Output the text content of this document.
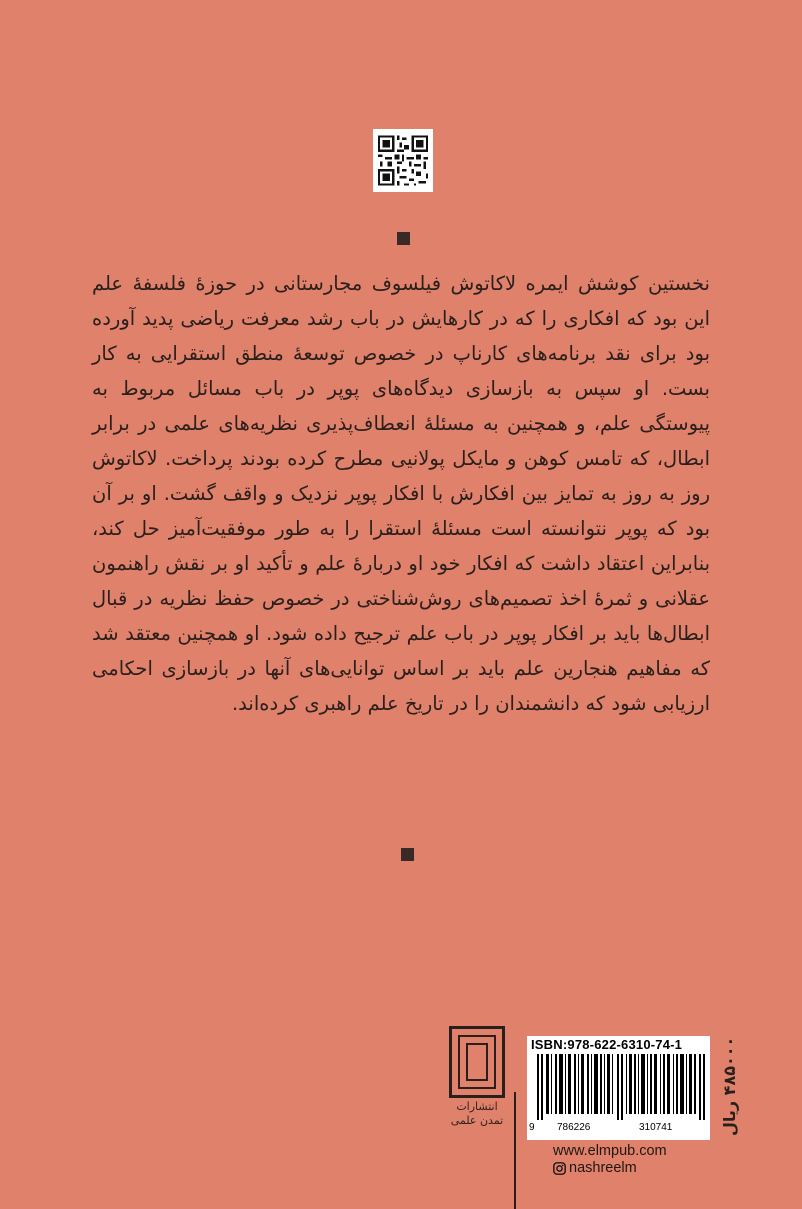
نخستین کوشش ایمره لاکاتوش فیلسوف مجارستانی در حوزهٔ فلسفهٔ علم این بود که افکاری را که در کارهایش در باب رشد معرفت ریاضی پدید آورده بود برای نقد برنامه‌های کارناپ در خصوص توسعهٔ منطق استقرایی به کار بست. او سپس به بازسازی دیدگاه‌های پوپر در باب مسائل مربوط به پیوستگی علم، و همچنین به مسئلهٔ انعطاف‌پذیری نظریه‌های علمی در برابر ابطال، که تامس کوهن و مایکل پولانیی مطرح کرده بودند پرداخت. لاکاتوش روز به روز به تمایز بین افکارش با افکار پوپر نزدیک و واقف گشت. او بر آن بود که پوپر نتوانسته است مسئلهٔ استقرا را به طور موفقیت‌آمیز حل کند، بنابراین اعتقاد داشت که افکار خود او دربارهٔ علم و تأکید او بر نقش راهنمون عقلانی و ثمرهٔ اخذ تصمیم‌های روش‌شناختی در خصوص حفظ نظریه در قبال ابطال‌ها باید بر افکار پوپر در باب علم ترجیح داده شود. او همچنین معتقد شد که مفاهیم هنجارین علم باید بر اساس توانایی‌های آنها در بازسازی احکامی ارزیابی شود که دانشمندان را در تاریخ علم راهبری کرده‌اند.

انتشارات
تمدن علمی
ISBN:978-622-6310-74-1
9 786226	310741	۴۸۵۰۰۰ ریال
www.elmpub.com
nashreelm
